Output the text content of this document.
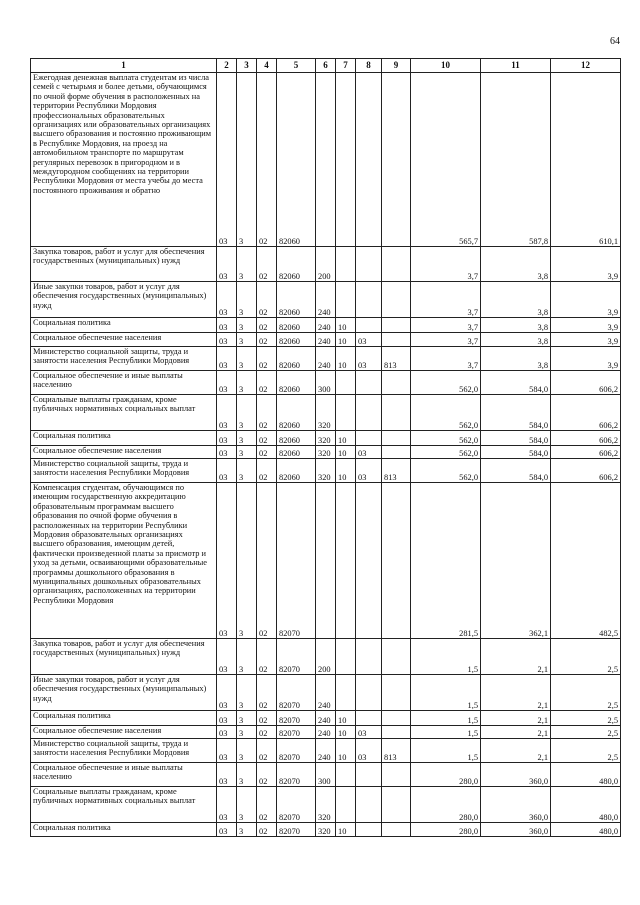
64
1	2	3	4	5	6	7	8	9	10	11	12
Ежегодная денежная выплата студентам из числа семей с четырьмя и более детьми, обучающимся по очной форме обучения в расположенных на территории Республики Мордовия профессиональных образовательных организациях или образовательных организациях высшего образования и постоянно проживающим в Республике Мордовия, на проезд на автомобильном транспорте по маршрутам регулярных перевозок в пригородном и в междугородном сообщениях на территории Республики Мордовия от места учебы до места постоянного проживания и обратно	03	3	02	82060					565,7	587,8	610,1
Закупка товаров, работ и услуг для обеспечения государственных (муниципальных) нужд	03	3	02	82060	200				3,7	3,8	3,9
Иные закупки товаров, работ и услуг для обеспечения государственных (муниципальных) нужд	03	3	02	82060	240				3,7	3,8	3,9
Социальная политика	03	3	02	82060	240	10			3,7	3,8	3,9
Социальное обеспечение населения	03	3	02	82060	240	10	03		3,7	3,8	3,9
Министерство социальной защиты, труда и занятости населения Республики Мордовия	03	3	02	82060	240	10	03	813	3,7	3,8	3,9
Социальное обеспечение и иные выплаты населению	03	3	02	82060	300				562,0	584,0	606,2
Социальные выплаты гражданам, кроме публичных нормативных социальных выплат	03	3	02	82060	320				562,0	584,0	606,2
Социальная политика	03	3	02	82060	320	10			562,0	584,0	606,2
Социальное обеспечение населения	03	3	02	82060	320	10	03		562,0	584,0	606,2
Министерство социальной защиты, труда и занятости населения Республики Мордовия	03	3	02	82060	320	10	03	813	562,0	584,0	606,2
Компенсация студентам, обучающимся по имеющим государственную аккредитацию образовательным программам высшего образования по очной форме обучения в расположенных на территории Республики Мордовия образовательных организациях высшего образования, имеющим детей, фактически произведенной платы за присмотр и уход за детьми, осваивающими образовательные программы дошкольного образования в муниципальных дошкольных образовательных организациях, расположенных на территории Республики Мордовия	03	3	02	82070					281,5	362,1	482,5
Закупка товаров, работ и услуг для обеспечения государственных (муниципальных) нужд	03	3	02	82070	200				1,5	2,1	2,5
Иные закупки товаров, работ и услуг для обеспечения государственных (муниципальных) нужд	03	3	02	82070	240				1,5	2,1	2,5
Социальная политика	03	3	02	82070	240	10			1,5	2,1	2,5
Социальное обеспечение населения	03	3	02	82070	240	10	03		1,5	2,1	2,5
Министерство социальной защиты, труда и занятости населения Республики Мордовия	03	3	02	82070	240	10	03	813	1,5	2,1	2,5
Социальное обеспечение и иные выплаты населению	03	3	02	82070	300				280,0	360,0	480,0
Социальные выплаты гражданам, кроме публичных нормативных социальных выплат	03	3	02	82070	320				280,0	360,0	480,0
Социальная политика	03	3	02	82070	320	10			280,0	360,0	480,0
